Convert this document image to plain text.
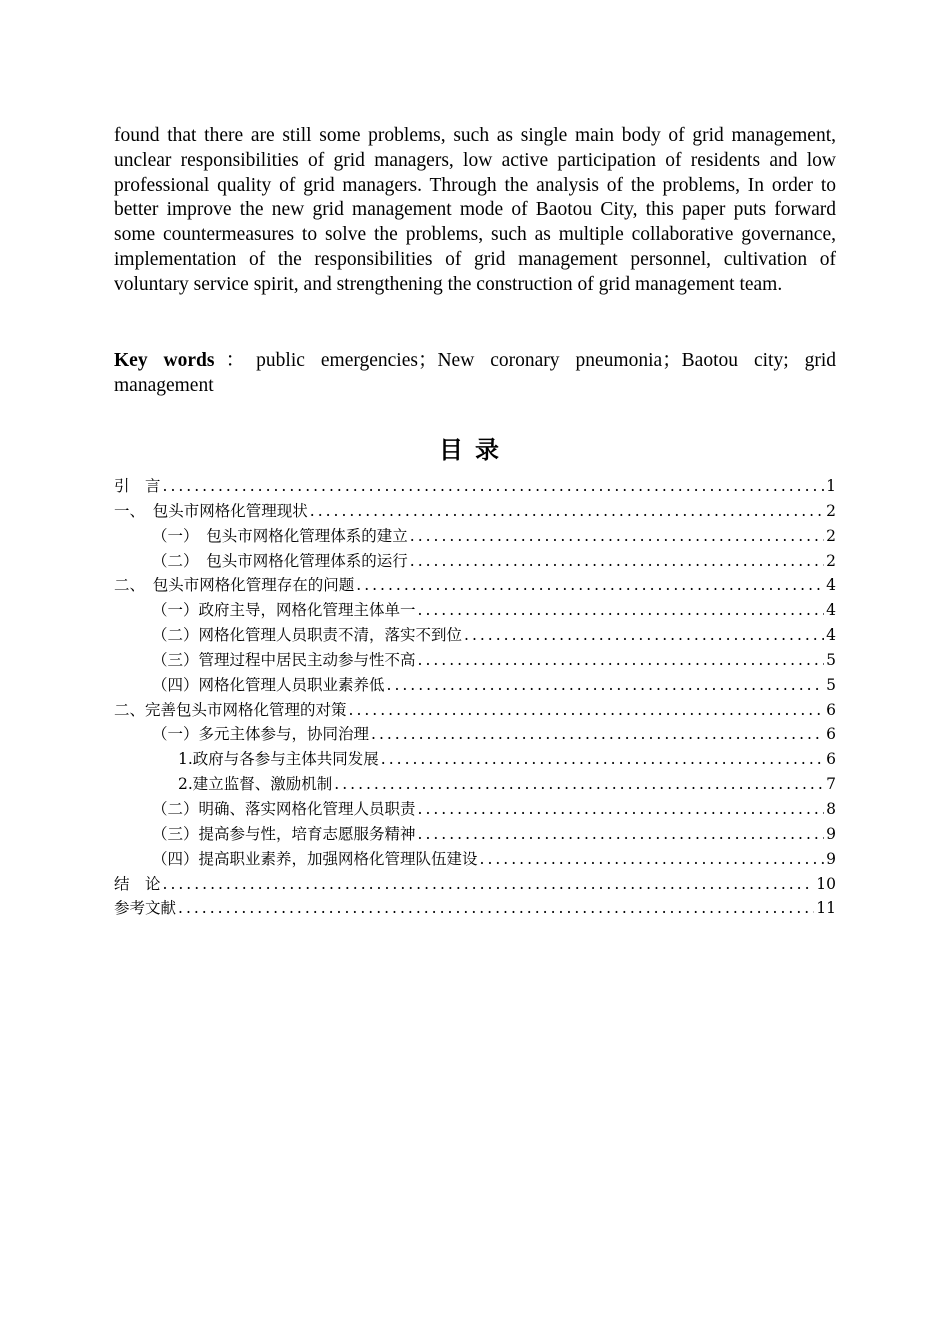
found that there are still some problems, such as single main body of grid management, unclear responsibilities of grid managers, low active participation of residents and low professional quality of grid managers. Through the analysis of the problems, In order to better improve the new grid management mode of Baotou City, this paper puts forward some countermeasures to solve the problems, such as multiple collaborative governance, implementation of the responsibilities of grid management personnel, cultivation of voluntary service spirit, and strengthening the construction of grid management team.

Key words：public emergencies；New coronary pneumonia；Baotou city; grid management

目录
引　言 .....	1
一、　包头市网格化管理现状 .....	2
（一）　包头市网格化管理体系的建立 .....	2
（二）　包头市网格化管理体系的运行 .....	2
二、　包头市网格化管理存在的问题 .....	4
（一）政府主导，网格化管理主体单一 .....	4
（二）网格化管理人员职责不清，落实不到位 .....	4
（三）管理过程中居民主动参与性不高 .....	5
（四）网格化管理人员职业素养低 .....	5
二、完善包头市网格化管理的对策 .....	6
（一）多元主体参与，协同治理 .....	6
1.政府与各参与主体共同发展 .....	6
2.建立监督、激励机制 .....	7
（二）明确、落实网格化管理人员职责 .....	8
（三）提高参与性，培育志愿服务精神 .....	9
（四）提高职业素养，加强网格化管理队伍建设 .....	9
结　论 .....	10
参考文献 .....	11
